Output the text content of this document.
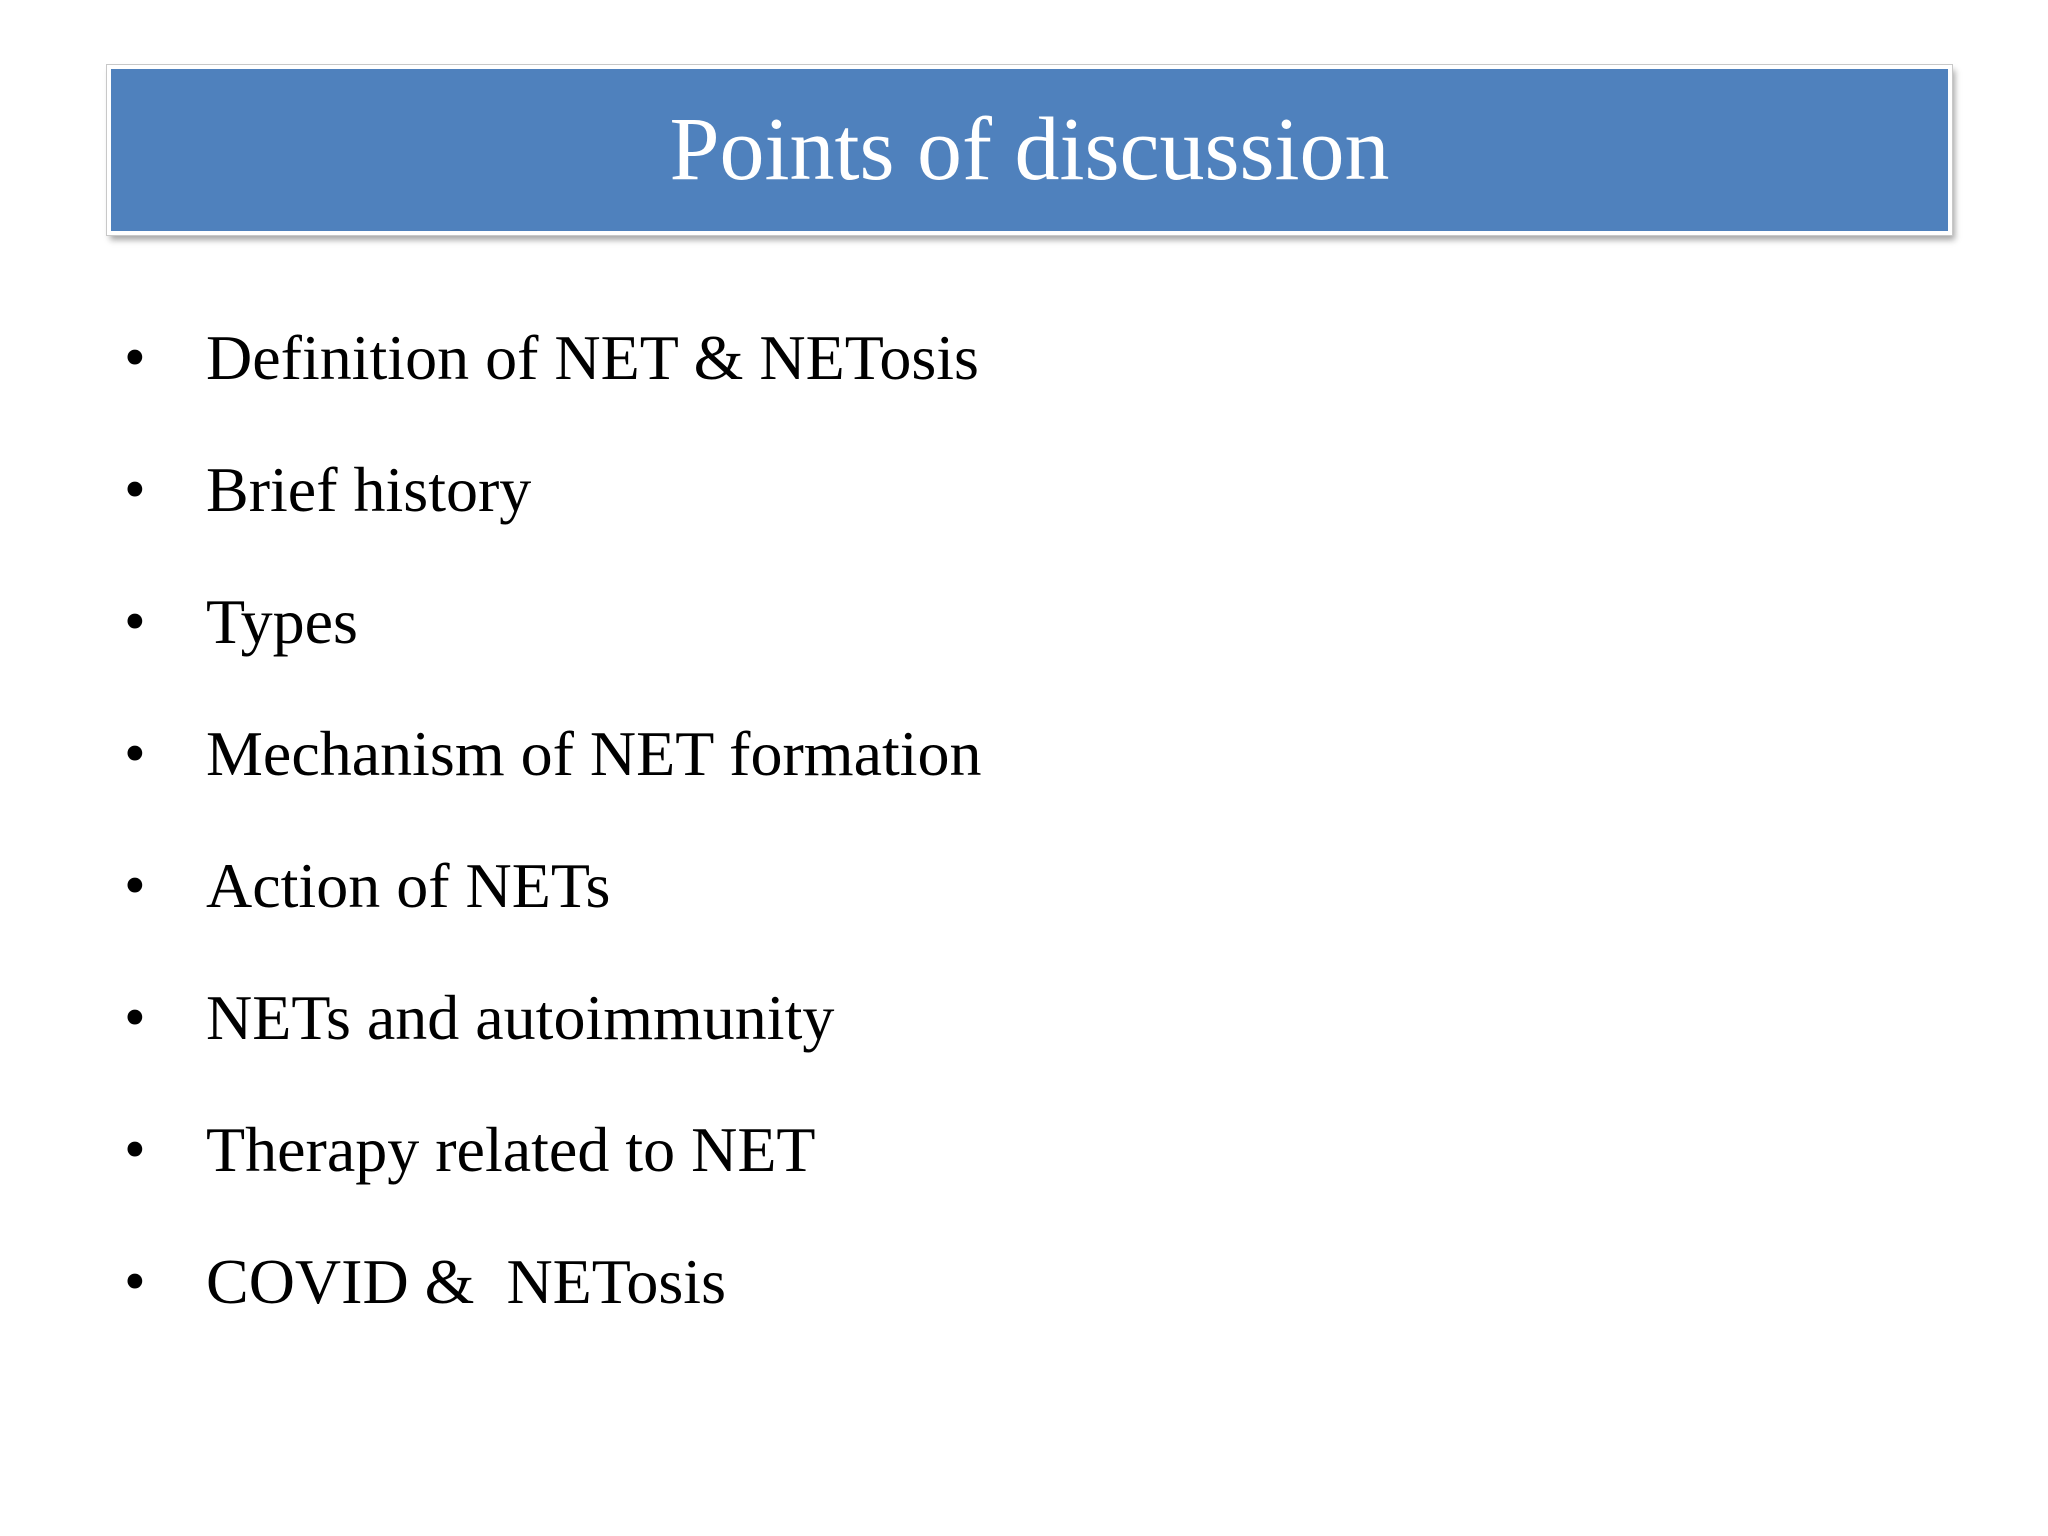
Points of discussion
• Definition of NET & NETosis
• Brief history
• Types
• Mechanism of NET formation
• Action of NETs
• NETs and autoimmunity
• Therapy related to NET
• COVID &  NETosis
